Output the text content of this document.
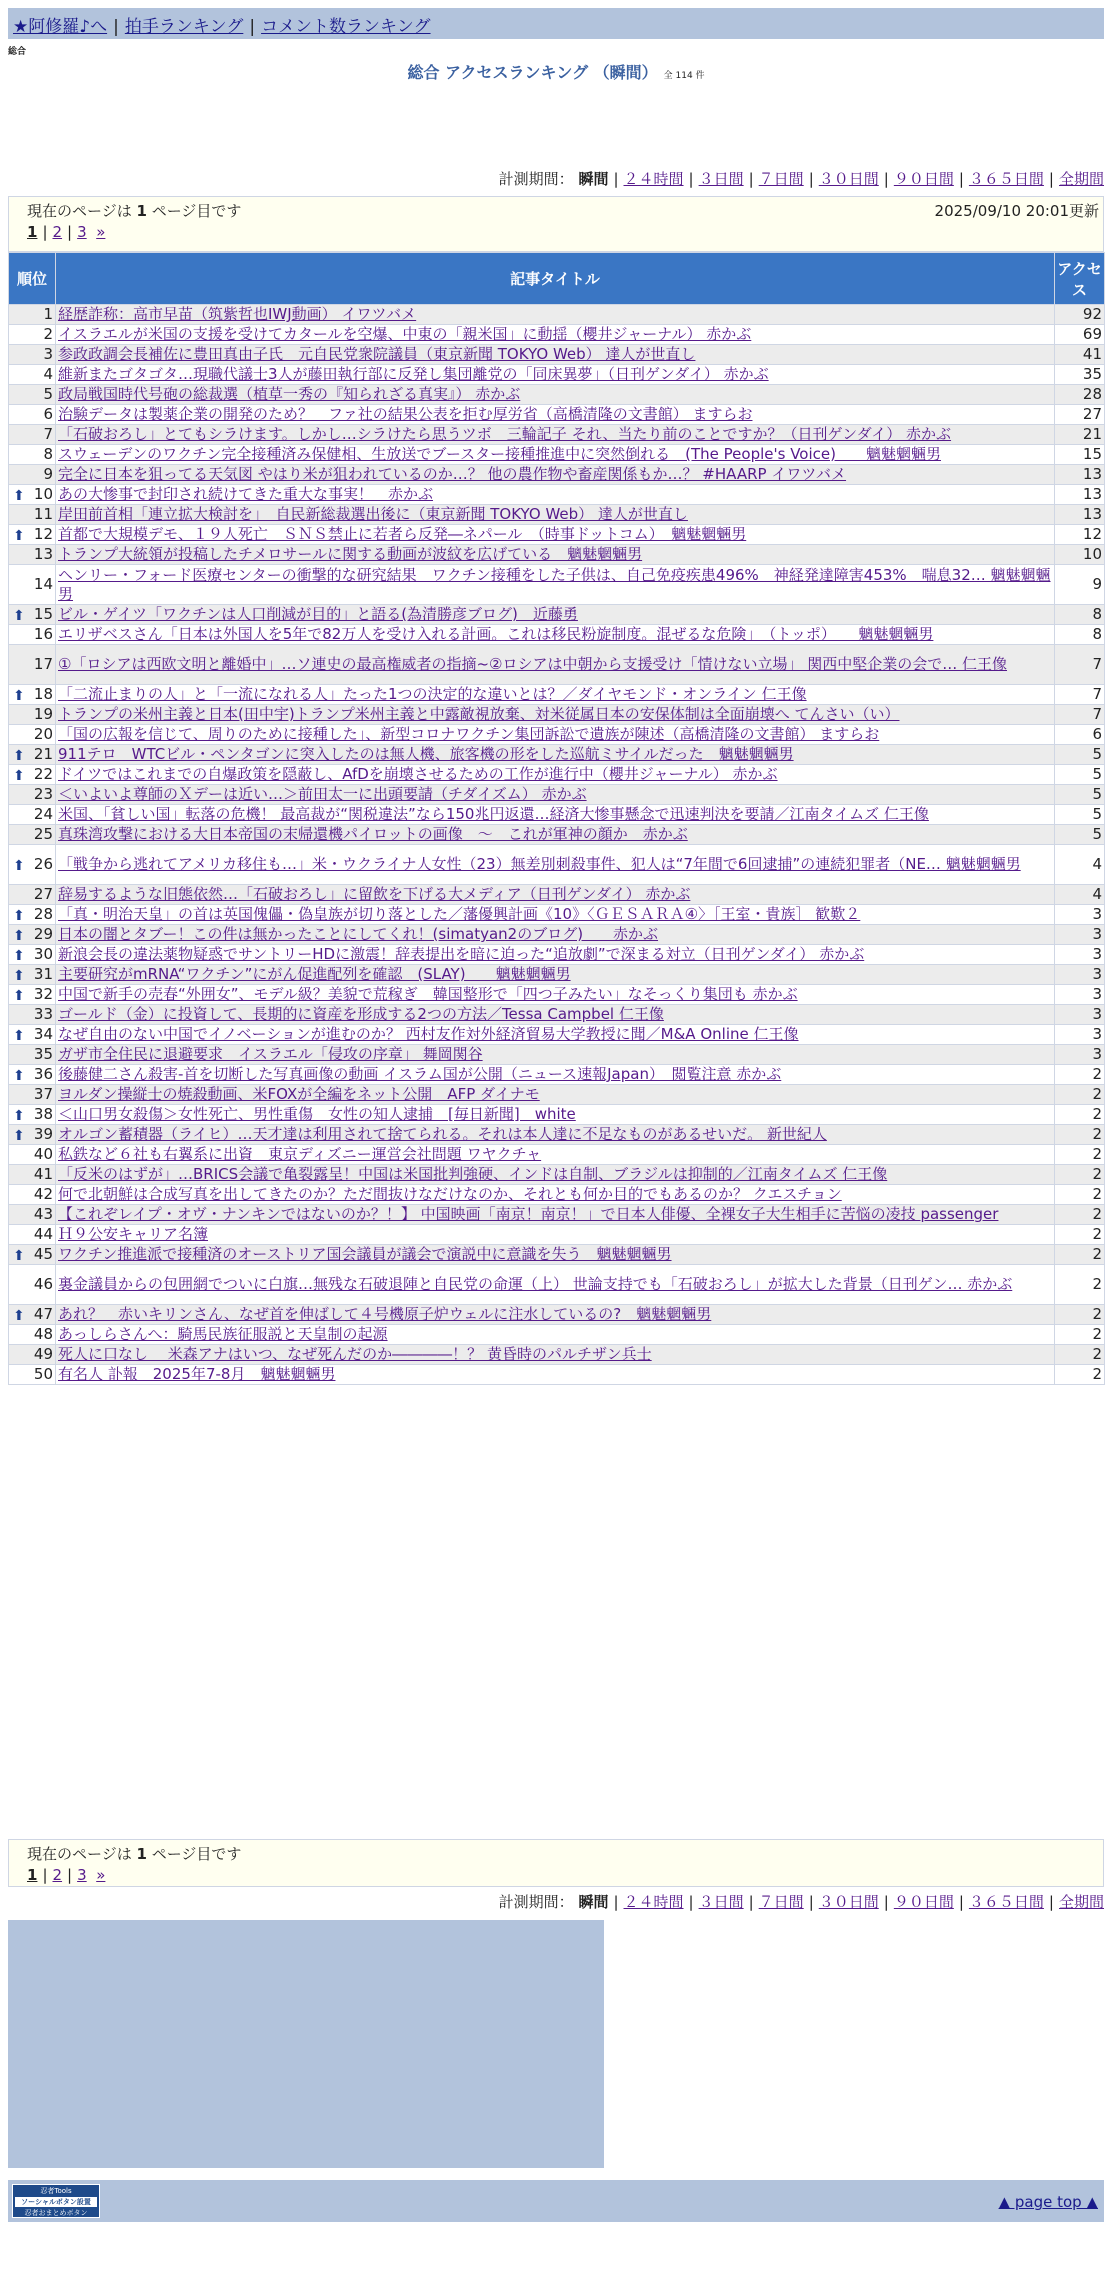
★阿修羅♪へ | 拍手ランキング | コメント数ランキング
総合
総合 アクセスランキング （瞬間） 全 114 件
計測期間： 瞬間 | ２４時間 | ３日間 | ７日間 | ３０日間 | ９０日間 | ３６５日間 | 全期間
現在のページは 1 ページ目です	2025/09/10 20:01更新
1 | 2 | 3 »
順位	記事タイトル	アクセス
1	経歴詐称：高市早苗（筑紫哲也IWJ動画） イワツバメ	92
2	イスラエルが米国の支援を受けてカタールを空爆、中東の「親米国」に動揺（櫻井ジャーナル） 赤かぶ	69
3	参政政調会長補佐に豊田真由子氏　元自民党衆院議員（東京新聞 TOKYO Web） 達人が世直し	41
4	維新またゴタゴタ…現職代議士3人が藤田執行部に反発し集団離党の「同床異夢」（日刊ゲンダイ） 赤かぶ	35
5	政局戦国時代号砲の総裁選（植草一秀の『知られざる真実』） 赤かぶ	28
6	治験データは製薬企業の開発のため？　ファ社の結果公表を拒む厚労省（高橋清隆の文書館） ますらお	27
7	「石破おろし」とてもシラけます。しかし…シラけたら思うツボ　三輪記子 それ、当たり前のことですか？（日刊ゲンダイ） 赤かぶ	21
8	スウェーデンのワクチン完全接種済み保健相、生放送でブースター接種推進中に突然倒れる　(The People's Voice)　　魑魅魍魎男	15
9	完全に日本を狙ってる天気図 やはり米が狙われているのか…？ 他の農作物や畜産関係もか…？ #HAARP イワツバメ	13

⬆ 10	あの大惨事で封印され続けてきた重大な事実！　赤かぶ	13
11	岸田前首相「連立拡大検討を」　自民新総裁選出後に（東京新聞 TOKYO Web） 達人が世直し	13

⬆ 12	首都で大規模デモ、１９人死亡　ＳＮＳ禁止に若者ら反発―ネパール　（時事ドットコム）　魑魅魍魎男	12
13	トランプ大統領が投稿したチメロサールに関する動画が波紋を広げている　魑魅魍魎男	10
14	ヘンリー・フォード医療センターの衝撃的な研究結果　ワクチン接種をした子供は、自己免疫疾患496%　神経発達障害453%　喘息32… 魑魅魍魎男	9

⬆ 15	ビル・ゲイツ「ワクチンは人口削減が目的」と語る(為清勝彦ブログ)　近藤勇	8
16	エリザベスさん「日本は外国人を5年で82万人を受け入れる計画。これは移民粉旋制度。混ぜるな危険」　（トッポ）　　魑魅魍魎男	8
17	①「ロシアは西欧文明と離婚中」…ソ連史の最高権威者の指摘~②ロシアは中朝から支援受け「情けない立場」 関西中堅企業の会で… 仁王像	7

⬆ 18	「二流止まりの人」と「一流になれる人」たった1つの決定的な違いとは？／ダイヤモンド・オンライン 仁王像	7
19	トランプの米州主義と日本(田中宇)トランプ米州主義と中露敵視放棄、対米従属日本の安保体制は全面崩壊へ てんさい（い）	7
20	「国の広報を信じて、周りのために接種した」、新型コロナワクチン集団訴訟で遺族が陳述（高橋清隆の文書館） ますらお	6

⬆ 21	911テロ　WTCビル・ペンタゴンに突入したのは無人機、旅客機の形をした巡航ミサイルだった　魑魅魍魎男	5

⬆ 22	ドイツではこれまでの自爆政策を隠蔽し、AfDを崩壊させるための工作が進行中（櫻井ジャーナル） 赤かぶ	5
23	＜いよいよ尊師のＸデーは近い…＞前田太一に出頭要請（チダイズム） 赤かぶ	5
24	米国、「貧しい国」転落の危機！ 最高裁が“関税違法”なら150兆円返還…経済大惨事懸念で迅速判決を要請／江南タイムズ 仁王像	5
25	真珠湾攻撃における大日本帝国の末帰還機パイロットの画像　～　これが軍神の顔か　赤かぶ	5

⬆ 26	「戦争から逃れてアメリカ移住も…」米・ウクライナ人女性（23）無差別刺殺事件、犯人は“7年間で6回逮捕”の連続犯罪者（NE… 魑魅魍魎男	4
27	辞易するような旧態依然…「石破おろし」に留飲を下げる大メディア（日刊ゲンダイ） 赤かぶ	4

⬆ 28	「真・明治天皇」の首は英国傀儡・偽皇族が切り落とした／藩優興計画《10》〈ＧＥＳＡＲＡ④〉［王室・貴族］ 歓歎２	3

⬆ 29	日本の闇とタブー！この件は無かったことにしてくれ！(simatyan2のブログ)　　赤かぶ	3

⬆ 30	新浪会長の違法薬物疑惑でサントリーHDに激震！辞表提出を暗に迫った“追放劇”で深まる対立（日刊ゲンダイ） 赤かぶ	3

⬆ 31	主要研究がmRNA“ワクチン”にがん促進配列を確認　(SLAY)　　魑魅魍魎男	3

⬆ 32	中国で新手の売春“外囲女”、モデル級？美貌で荒稼ぎ　韓国整形で「四つ子みたい」なそっくり集団も 赤かぶ	3
33	ゴールド（金）に投資して、長期的に資産を形成する2つの方法／Tessa Campbel 仁王像	3

⬆ 34	なぜ自由のない中国でイノベーションが進むのか？ 西村友作対外経済貿易大学教授に聞／M&A Online 仁王像	3
35	ガザ市全住民に退避要求　イスラエル「侵攻の序章」 舞岡関谷	3

⬆ 36	後藤健二さん殺害-首を切断した写真画像の動画 イスラム国が公開（ニュース速報Japan）　閲覧注意 赤かぶ	2
37	ヨルダン操縦士の焼殺動画、米FOXが全編をネット公開　AFP ダイナモ	2

⬆ 38	＜山口男女殺傷＞女性死亡、男性重傷　女性の知人逮捕　[毎日新聞]　white	2

⬆ 39	オルゴン蓄積器（ライヒ）…天才達は利用されて捨てられる。それは本人達に不足なものがあるせいだ。 新世紀人	2
40	私鉄など６社も右翼系に出資　東京ディズニー運営会社問題 ワヤクチャ	2
41	「反米のはずが」…BRICS会議で亀裂露呈！中国は米国批判強硬、インドは自制、ブラジルは抑制的／江南タイムズ 仁王像	2
42	何で北朝鮮は合成写真を出してきたのか？ただ間抜けなだけなのか、それとも何か目的でもあるのか？ クエスチョン	2
43	【これぞレイプ・オヴ・ナンキンではないのか？！】 中国映画「南京！南京！」で日本人俳優、全裸女子大生相手に苦悩の凌技 passenger	2
44	Ｈ９公安キャリア名簿	2

⬆ 45	ワクチン推進派で接種済のオーストリア国会議員が議会で演説中に意識を失う　魑魅魍魎男	2
46	裏金議員からの包囲網でついに白旗…無残な石破退陣と自民党の命運（上） 世論支持でも「石破おろし」が拡大した背景（日刊ゲン… 赤かぶ	2

⬆ 47	あれ？　赤いキリンさん、なぜ首を伸ばして４号機原子炉ウェルに注水しているの?　魑魅魍魎男	2
48	あっしらさんへ：騎馬民族征服説と天皇制の起源	2
49	死人に口なし　 米森アナはいつ、なぜ死んだのか――――！？ 黄昏時のパルチザン兵士	2
50	有名人 訃報　2025年7-8月　魑魅魍魎男	2
現在のページは 1 ページ目です
1 | 2 | 3 »
計測期間： 瞬間 | ２４時間 | ３日間 | ７日間 | ３０日間 | ９０日間 | ３６５日間 | 全期間
忍者Tools
ソーシャルボタン設置
忍者おまとめボタン
▲ page top ▲
